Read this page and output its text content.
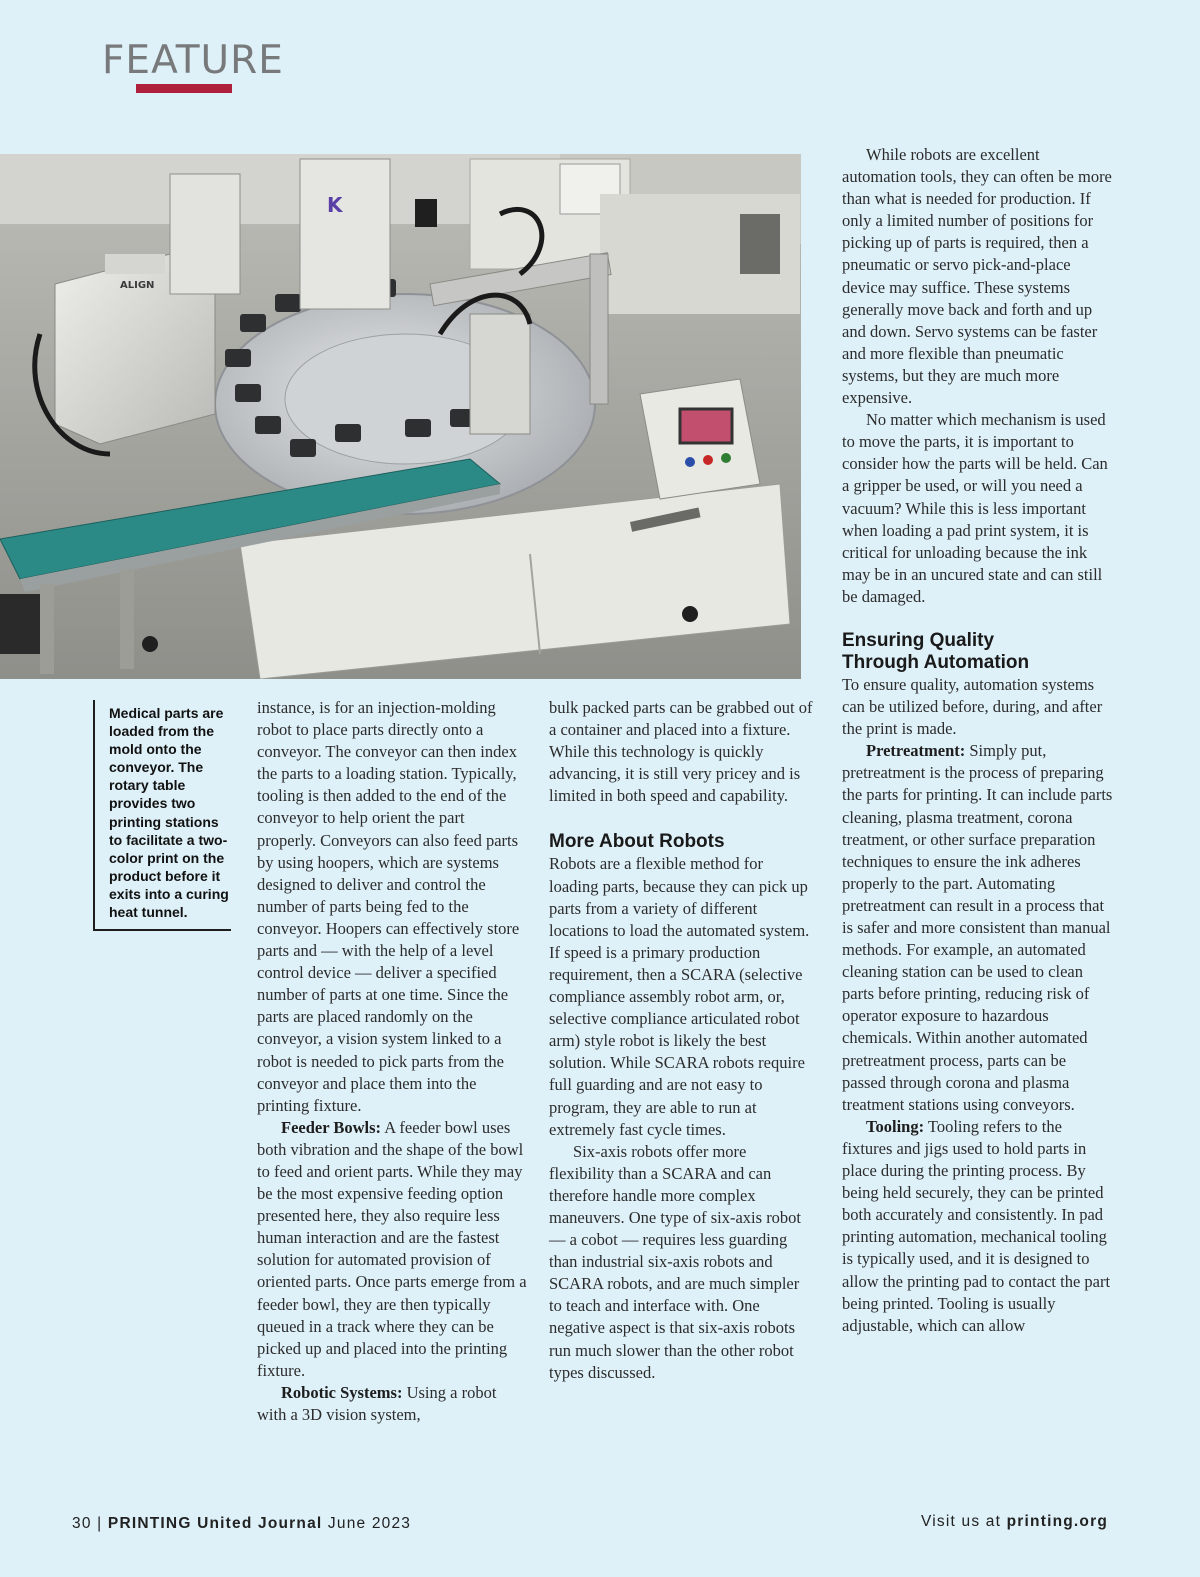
FEATURE
ALIGN
K
Medical parts are loaded from the mold onto the conveyor. The rotary table provides two printing stations to facilitate a two-color print on the product before it exits into a curing heat tunnel.

instance, is for an injection-molding robot to place parts directly onto a conveyor. The conveyor can then index the parts to a loading station. Typically, tooling is then added to the end of the conveyor to help orient the part properly. Conveyors can also feed parts by using hoopers, which are systems designed to deliver and control the number of parts being fed to the conveyor. Hoopers can effectively store parts and — with the help of a level control device — deliver a specified number of parts at one time. Since the parts are placed randomly on the conveyor, a vision system linked to a robot is needed to pick parts from the conveyor and place them into the printing fixture.

Feeder Bowls: A feeder bowl uses both vibration and the shape of the bowl to feed and orient parts. While they may be the most expensive feeding option presented here, they also require less human interaction and are the fastest solution for automated provision of oriented parts. Once parts emerge from a feeder bowl, they are then typically queued in a track where they can be picked up and placed into the printing fixture.

Robotic Systems: Using a robot with a 3D vision system,

bulk packed parts can be grabbed out of a container and placed into a fixture. While this technology is quickly advancing, it is still very pricey and is limited in both speed and capability.

More About Robots

Robots are a flexible method for loading parts, because they can pick up parts from a variety of different locations to load the automated system. If speed is a primary production requirement, then a SCARA (selective compliance assembly robot arm, or, selective compliance articulated robot arm) style robot is likely the best solution. While SCARA robots require full guarding and are not easy to program, they are able to run at extremely fast cycle times.

Six-axis robots offer more flexibility than a SCARA and can therefore handle more complex maneuvers. One type of six-axis robot — a cobot — requires less guarding than industrial six-axis robots and SCARA robots, and are much simpler to teach and interface with. One negative aspect is that six-axis robots run much slower than the other robot types discussed.

While robots are excellent automation tools, they can often be more than what is needed for production. If only a limited number of positions for picking up of parts is required, then a pneumatic or servo pick-and-place device may suffice. These systems generally move back and forth and up and down. Servo systems can be faster and more flexible than pneumatic systems, but they are much more expensive.

No matter which mechanism is used to move the parts, it is important to consider how the parts will be held. Can a gripper be used, or will you need a vacuum? While this is less important when loading a pad print system, it is critical for unloading because the ink may be in an uncured state and can still be damaged.

Ensuring Quality
Through Automation

To ensure quality, automation systems can be utilized before, during, and after the print is made.

Pretreatment: Simply put, pretreatment is the process of preparing the parts for printing. It can include parts cleaning, plasma treatment, corona treatment, or other surface preparation techniques to ensure the ink adheres properly to the part. Automating pretreatment can result in a process that is safer and more consistent than manual methods. For example, an automated cleaning station can be used to clean parts before printing, reducing risk of operator exposure to hazardous chemicals. Within another automated pretreatment process, parts can be passed through corona and plasma treatment stations using conveyors.

Tooling: Tooling refers to the fixtures and jigs used to hold parts in place during the printing process. By being held securely, they can be printed both accurately and consistently. In pad printing automation, mechanical tooling is typically used, and it is designed to allow the printing pad to contact the part being printed. Tooling is usually adjustable, which can allow

30 | PRINTING United Journal June 2023	Visit us at printing.org
